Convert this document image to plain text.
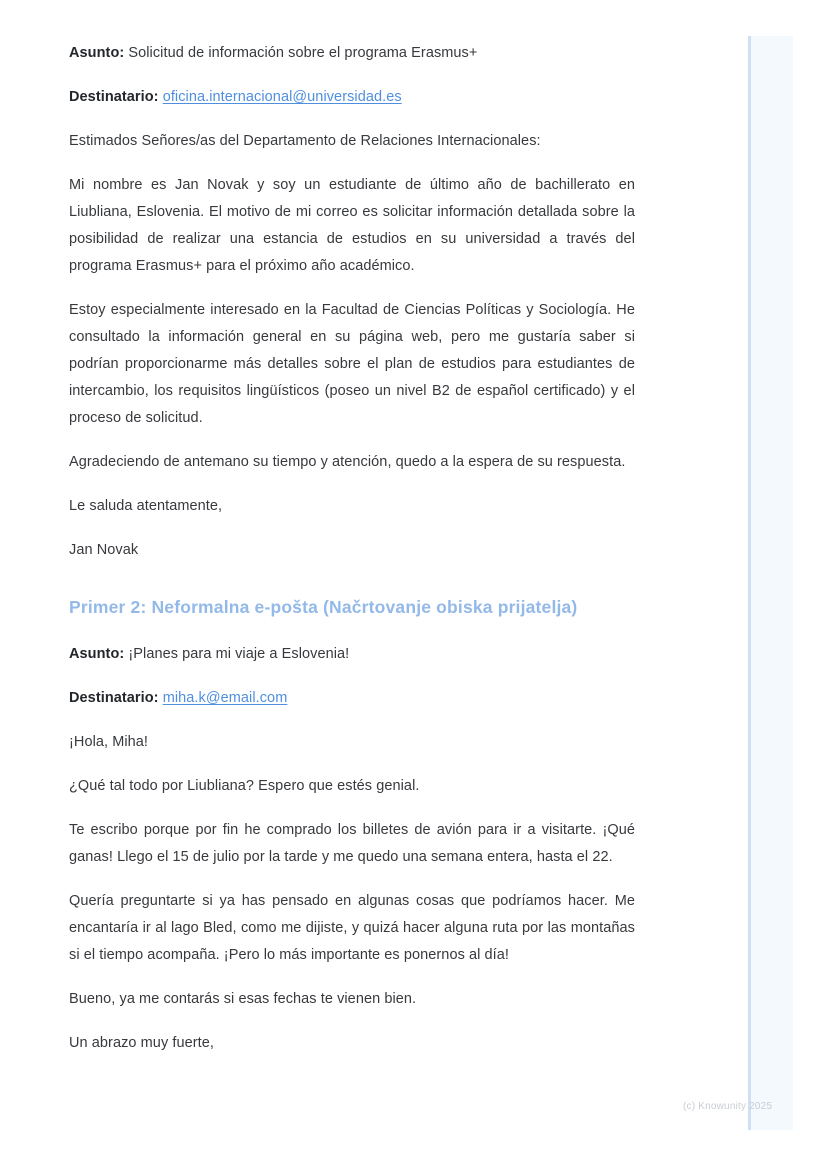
Asunto: Solicitud de información sobre el programa Erasmus+

Destinatario: oficina.internacional@universidad.es

Estimados Señores/as del Departamento de Relaciones Internacionales:

Mi nombre es Jan Novak y soy un estudiante de último año de bachillerato en Liubliana, Eslovenia. El motivo de mi correo es solicitar información detallada sobre la posibilidad de realizar una estancia de estudios en su universidad a través del programa Erasmus+ para el próximo año académico.

Estoy especialmente interesado en la Facultad de Ciencias Políticas y Sociología. He consultado la información general en su página web, pero me gustaría saber si podrían proporcionarme más detalles sobre el plan de estudios para estudiantes de intercambio, los requisitos lingüísticos (poseo un nivel B2 de español certificado) y el proceso de solicitud.

Agradeciendo de antemano su tiempo y atención, quedo a la espera de su respuesta.

Le saluda atentamente,

Jan Novak

Primer 2: Neformalna e-pošta (Načrtovanje obiska prijatelja)

Asunto: ¡Planes para mi viaje a Eslovenia!

Destinatario: miha.k@email.com

¡Hola, Miha!

¿Qué tal todo por Liubliana? Espero que estés genial.

Te escribo porque por fin he comprado los billetes de avión para ir a visitarte. ¡Qué ganas! Llego el 15 de julio por la tarde y me quedo una semana entera, hasta el 22.

Quería preguntarte si ya has pensado en algunas cosas que podríamos hacer. Me encantaría ir al lago Bled, como me dijiste, y quizá hacer alguna ruta por las montañas si el tiempo acompaña. ¡Pero lo más importante es ponernos al día!

Bueno, ya me contarás si esas fechas te vienen bien.

Un abrazo muy fuerte,

(c) Knowunity 2025
